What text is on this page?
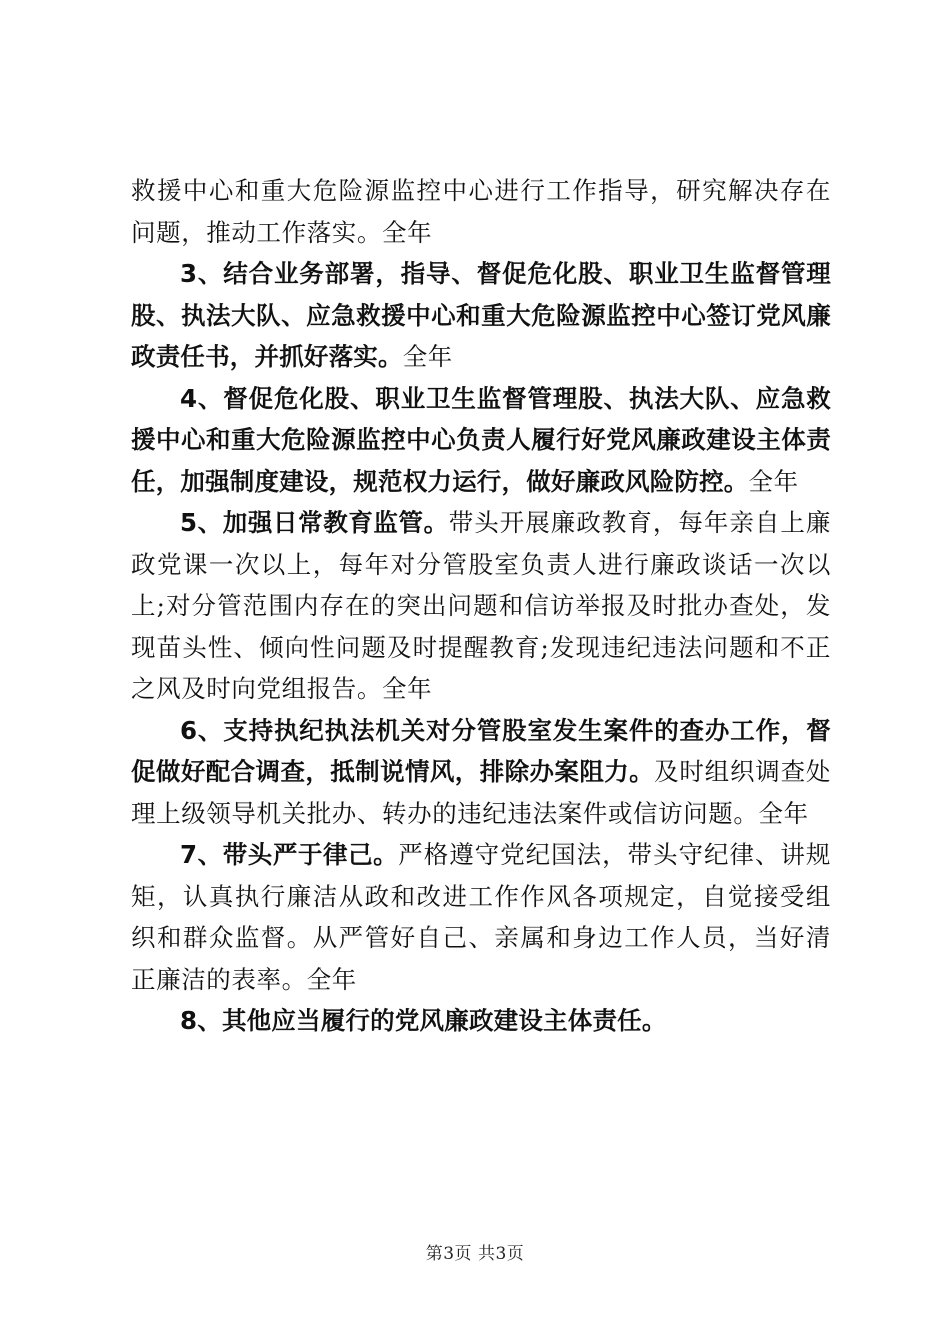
救援中心和重大危险源监控中心进行工作指导，研究解决存在问题，推动工作落实。全年

3、结合业务部署，指导、督促危化股、职业卫生监督管理股、执法大队、应急救援中心和重大危险源监控中心签订党风廉政责任书，并抓好落实。全年

4、督促危化股、职业卫生监督管理股、执法大队、应急救援中心和重大危险源监控中心负责人履行好党风廉政建设主体责任，加强制度建设，规范权力运行，做好廉政风险防控。全年

5、加强日常教育监管。带头开展廉政教育，每年亲自上廉政党课一次以上，每年对分管股室负责人进行廉政谈话一次以上;对分管范围内存在的突出问题和信访举报及时批办查处，发现苗头性、倾向性问题及时提醒教育;发现违纪违法问题和不正之风及时向党组报告。全年

6、支持执纪执法机关对分管股室发生案件的查办工作，督促做好配合调查，抵制说情风，排除办案阻力。及时组织调查处理上级领导机关批办、转办的违纪违法案件或信访问题。全年

7、带头严于律己。严格遵守党纪国法，带头守纪律、讲规矩，认真执行廉洁从政和改进工作作风各项规定，自觉接受组织和群众监督。从严管好自己、亲属和身边工作人员，当好清正廉洁的表率。全年

8、其他应当履行的党风廉政建设主体责任。

第3页 共3页
